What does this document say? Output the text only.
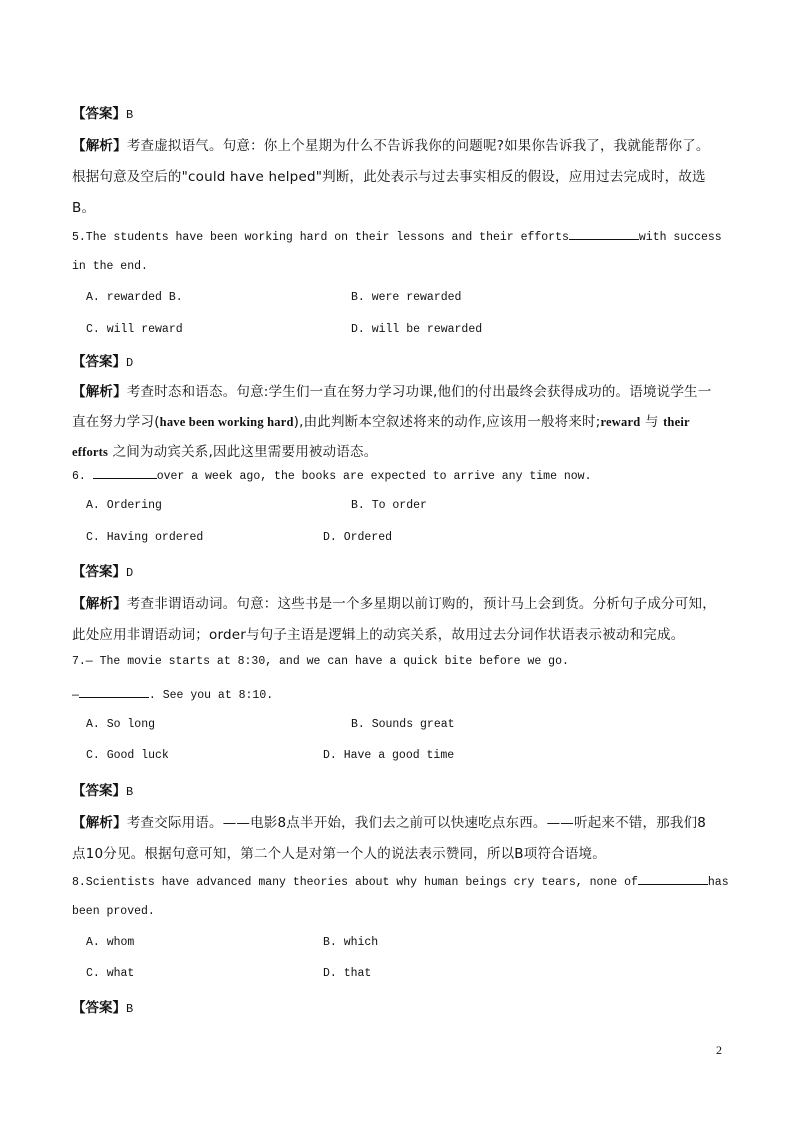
【答案】B
【解析】考查虚拟语气。句意：你上个星期为什么不告诉我你的问题呢?如果你告诉我了，我就能帮你了。
根据句意及空后的"could have helped"判断，此处表示与过去事实相反的假设，应用过去完成时，故选
B。
5.The students have been working hard on their lessons and their efforts	with success
in the end.
A. rewarded B.	B. were rewarded
C. will reward	D. will be rewarded
【答案】D
【解析】考查时态和语态。句意:学生们一直在努力学习功课,他们的付出最终会获得成功的。语境说学生一
直在努力学习(have been working hard),由此判断本空叙述将来的动作,应该用一般将来时;reward 与 their
efforts 之间为动宾关系,因此这里需要用被动语态。
6.	over a week ago, the books are expected to arrive any time now.
A. Ordering	B. To order
C. Having ordered	D. Ordered
【答案】D
【解析】考查非谓语动词。句意：这些书是一个多星期以前订购的，预计马上会到货。分析句子成分可知，
此处应用非谓语动词；order与句子主语是逻辑上的动宾关系，故用过去分词作状语表示被动和完成。
7.— The movie starts at 8:30, and we can have a quick bite before we go.
—	. See you at 8:10.
A. So long	B. Sounds great
C. Good luck	D. Have a good time
【答案】B
【解析】考查交际用语。——电影8点半开始，我们去之前可以快速吃点东西。——听起来不错，那我们8
点10分见。根据句意可知，第二个人是对第一个人的说法表示赞同，所以B项符合语境。
8.Scientists have advanced many theories about why human beings cry tears, none of	has
been proved.
A. whom	B. which
C. what	D. that
【答案】B
2
